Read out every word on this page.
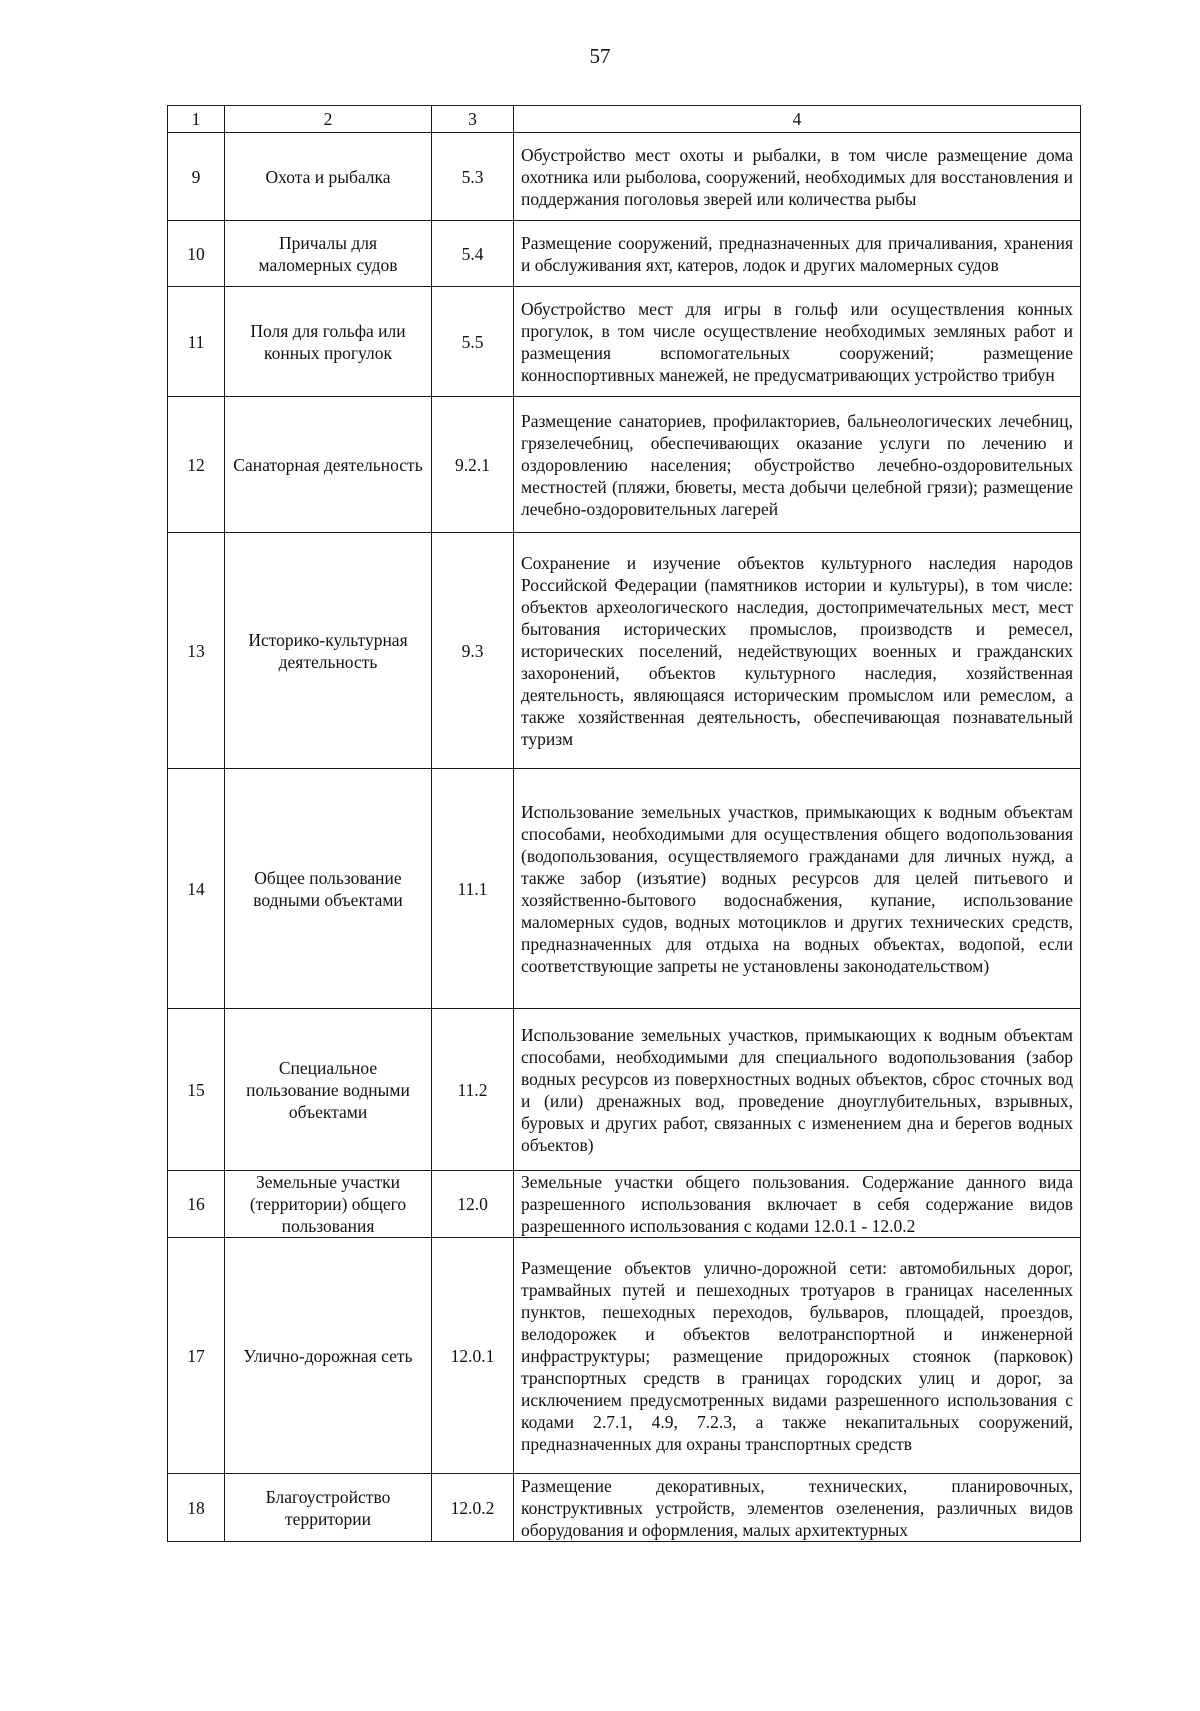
57
1	2	3	4
9	Охота и рыбалка	5.3	Обустройство мест охоты и рыбалки, в том числе размещение дома охотника или рыболова, сооружений, необходимых для восстановления и поддержания поголовья зверей или количества рыбы
10	Причалы для маломерных судов	5.4	Размещение сооружений, предназначенных для причаливания, хранения и обслуживания яхт, катеров, лодок и других маломерных судов
11	Поля для гольфа или конных прогулок	5.5	Обустройство мест для игры в гольф или осуществления конных прогулок, в том числе осуществление необходимых земляных работ и размещения вспомогательных сооружений; размещение конноспортивных манежей, не предусматривающих устройство трибун
12	Санаторная деятельность	9.2.1	Размещение санаториев, профилакториев, бальнеологических лечебниц, грязелечебниц, обеспечивающих оказание услуги по лечению и оздоровлению населения; обустройство лечебно-оздоровительных местностей (пляжи, бюветы, места добычи целебной грязи); размещение лечебно-оздоровительных лагерей
13	Историко-культурная деятельность	9.3	Сохранение и изучение объектов культурного наследия народов Российской Федерации (памятников истории и культуры), в том числе: объектов археологического наследия, достопримечательных мест, мест бытования исторических промыслов, производств и ремесел, исторических поселений, недействующих военных и гражданских захоронений, объектов культурного наследия, хозяйственная деятельность, являющаяся историческим промыслом или ремеслом, а также хозяйственная деятельность, обеспечивающая познавательный туризм
14	Общее пользование водными объектами	11.1	Использование земельных участков, примыкающих к водным объектам способами, необходимыми для осуществления общего водопользования (водопользования, осуществляемого гражданами для личных нужд, а также забор (изъятие) водных ресурсов для целей питьевого и хозяйственно-бытового водоснабжения, купание, использование маломерных судов, водных мотоциклов и других технических средств, предназначенных для отдыха на водных объектах, водопой, если соответствующие запреты не установлены законодательством)
15	Специальное пользование водными объектами	11.2	Использование земельных участков, примыкающих к водным объектам способами, необходимыми для специального водопользования (забор водных ресурсов из поверхностных водных объектов, сброс сточных вод и (или) дренажных вод, проведение дноуглубительных, взрывных, буровых и других работ, связанных с изменением дна и берегов водных объектов)
16	Земельные участки (территории) общего пользования	12.0	Земельные участки общего пользования. Содержание данного вида разрешенного использования включает в себя содержание видов разрешенного использования с кодами 12.0.1 - 12.0.2
17	Улично-дорожная сеть	12.0.1	Размещение объектов улично-дорожной сети: автомобильных дорог, трамвайных путей и пешеходных тротуаров в границах населенных пунктов, пешеходных переходов, бульваров, площадей, проездов, велодорожек и объектов велотранспортной и инженерной инфраструктуры; размещение придорожных стоянок (парковок) транспортных средств в границах городских улиц и дорог, за исключением предусмотренных видами разрешенного использования с кодами 2.7.1, 4.9, 7.2.3, а также некапитальных сооружений, предназначенных для охраны транспортных средств
18	Благоустройство территории	12.0.2	Размещение декоративных, технических, планировочных, конструктивных устройств, элементов озеленения, различных видов оборудования и оформления, малых архитектурных
